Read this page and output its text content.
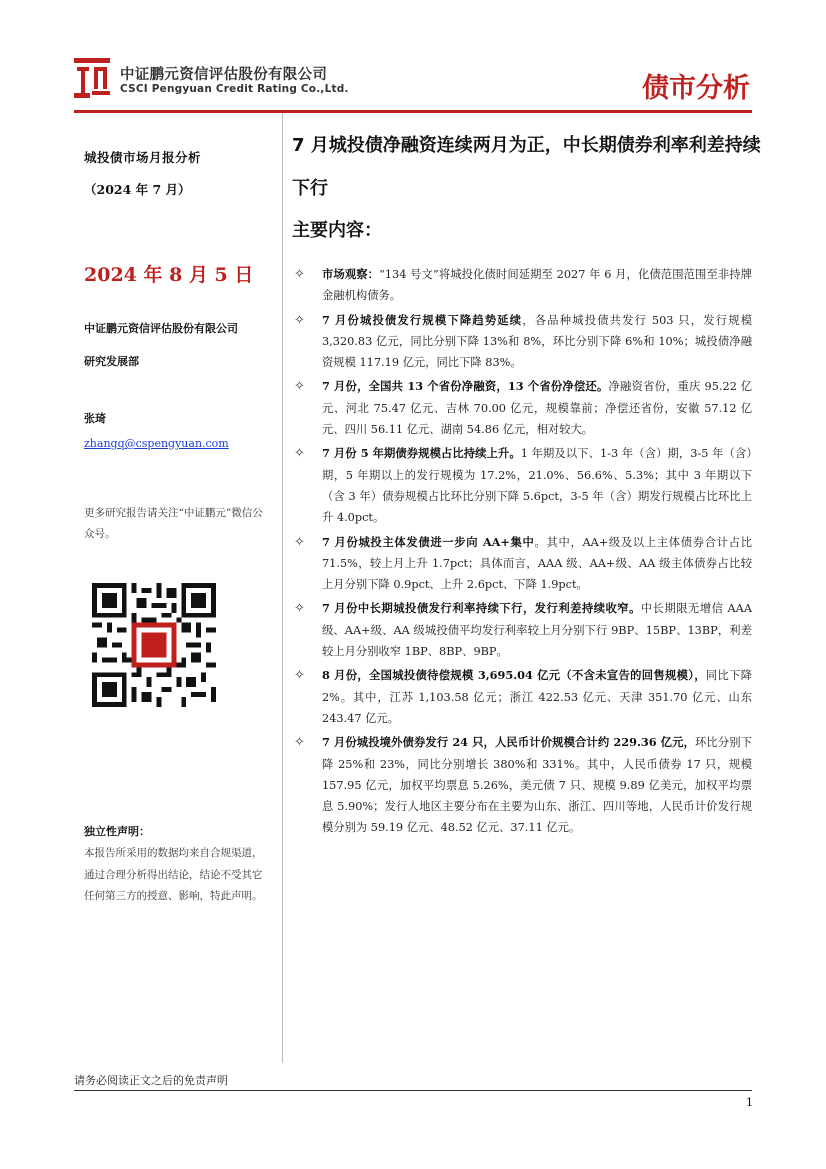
中证鹏元资信评估股份有限公司
CSCI Pengyuan Credit Rating Co.,Ltd.	债市分析
城投债市场月报分析
（2024 年 7 月）
2024 年 8 月 5 日
中证鹏元资信评估股份有限公司
研究发展部
张琦
zhangq@cspengyuan.com
更多研究报告请关注“中证鹏元”微信公众号。
独立性声明：
本报告所采用的数据均来自合规渠道，通过合理分析得出结论，结论不受其它任何第三方的授意、影响，特此声明。
7 月城投债净融资连续两月为正，中长期债券利率利差持续下行
主要内容：
✧ 市场观察：“134 号文”将城投化债时间延期至 2027 年 6 月，化债范围范围至非持牌金融机构债务。
✧ 7 月份城投债发行规模下降趋势延续，各品种城投债共发行 503 只，发行规模 3,320.83 亿元，同比分别下降 13%和 8%，环比分别下降 6%和 10%；城投债净融资规模 117.19 亿元，同比下降 83%。
✧ 7 月份，全国共 13 个省份净融资，13 个省份净偿还。净融资省份，重庆 95.22 亿元、河北 75.47 亿元、吉林 70.00 亿元，规模靠前；净偿还省份，安徽 57.12 亿元、四川 56.11 亿元、湖南 54.86 亿元，相对较大。
✧ 7 月份 5 年期债券规模占比持续上升。1 年期及以下、1-3 年（含）期，3-5 年（含）期，5 年期以上的发行规模为 17.2%，21.0%、56.6%、5.3%；其中 3 年期以下（含 3 年）债券规模占比环比分别下降 5.6pct，3-5 年（含）期发行规模占比环比上升 4.0pct。
✧ 7 月份城投主体发债进一步向 AA+集中。其中，AA+级及以上主体债券合计占比 71.5%，较上月上升 1.7pct；具体而言，AAA 级、AA+级、AA 级主体债券占比较上月分别下降 0.9pct、上升 2.6pct、下降 1.9pct。
✧ 7 月份中长期城投债发行利率持续下行，发行利差持续收窄。中长期限无增信 AAA 级、AA+级、AA 级城投债平均发行利率较上月分别下行 9BP、15BP、13BP，利差较上月分别收窄 1BP、8BP、9BP。
✧ 8 月份，全国城投债待偿规模 3,695.04 亿元（不含未宣告的回售规模），同比下降 2%。其中，江苏 1,103.58 亿元；浙江 422.53 亿元、天津 351.70 亿元、山东 243.47 亿元。
✧ 7 月份城投境外债券发行 24 只，人民币计价规模合计约 229.36 亿元，环比分别下降 25%和 23%，同比分别增长 380%和 331%。其中，人民币债券 17 只，规模 157.95 亿元，加权平均票息 5.26%，美元债 7 只、规模 9.89 亿美元，加权平均票息 5.90%；发行人地区主要分布在主要为山东、浙江、四川等地，人民币计价发行规模分别为 59.19 亿元、48.52 亿元、37.11 亿元。
请务必阅读正文之后的免责声明
1
